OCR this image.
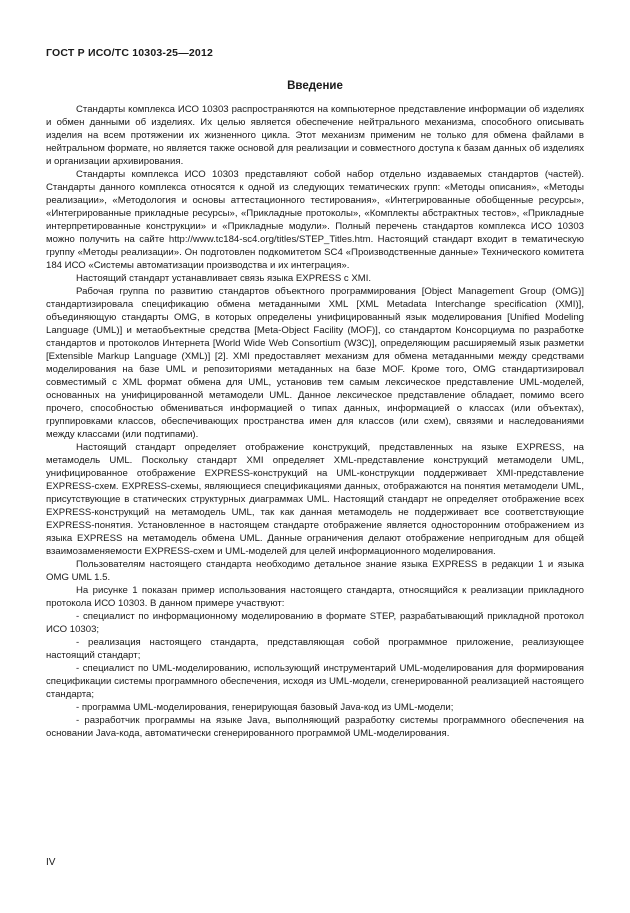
ГОСТ Р ИСО/ТС 10303-25—2012
Введение

Стандарты комплекса ИСО 10303 распространяются на компьютерное представление информации об изделиях и обмен данными об изделиях. Их целью является обеспечение нейтрального механизма, способного описывать изделия на всем протяжении их жизненного цикла. Этот механизм применим не только для обмена файлами в нейтральном формате, но является также основой для реализации и совместного доступа к базам данных об изделиях и организации архивирования.

Стандарты комплекса ИСО 10303 представляют собой набор отдельно издаваемых стандартов (частей). Стандарты данного комплекса относятся к одной из следующих тематических групп: «Методы описания», «Методы реализации», «Методология и основы аттестационного тестирования», «Интегрированные обобщенные ресурсы», «Интегрированные прикладные ресурсы», «Прикладные протоколы», «Комплекты абстрактных тестов», «Прикладные интерпретированные конструкции» и «Прикладные модули». Полный перечень стандартов комплекса ИСО 10303 можно получить на сайте http://www.tc184-sc4.org/titles/STEP_Titles.htm. Настоящий стандарт входит в тематическую группу «Методы реализации». Он подготовлен подкомитетом SC4 «Производственные данные» Технического комитета 184 ИСО «Системы автоматизации производства и их интеграция».

Настоящий стандарт устанавливает связь языка EXPRESS с XMI.

Рабочая группа по развитию стандартов объектного программирования [Object Management Group (OMG)] стандартизировала спецификацию обмена метаданными XML [XML Metadata Interchange specification (XMI)], объединяющую стандарты OMG, в которых определены унифицированный язык моделирования [Unified Modeling Language (UML)] и метаобъектные средства [Meta-Object Facility (MOF)], со стандартом Консорциума по разработке стандартов и протоколов Интернета [World Wide Web Consortium (W3C)], определяющим расширяемый язык разметки [Extensible Markup Language (XML)] [2]. XMI предоставляет механизм для обмена метаданными между средствами моделирования на базе UML и репозиториями метаданных на базе MOF. Кроме того, OMG стандартизировал совместимый с XML формат обмена для UML, установив тем самым лексическое представление UML-моделей, основанных на унифицированной метамодели UML. Данное лексическое представление обладает, помимо всего прочего, способностью обмениваться информацией о типах данных, информацией о классах (или объектах), группировками классов, обеспечивающих пространства имен для классов (или схем), связями и наследованиями между классами (или подтипами).

Настоящий стандарт определяет отображение конструкций, представленных на языке EXPRESS, на метамодель UML. Поскольку стандарт XMI определяет XML-представление конструкций метамодели UML, унифицированное отображение EXPRESS-конструкций на UML-конструкции поддерживает XMI-представление EXPRESS-схем. EXPRESS-схемы, являющиеся спецификациями данных, отображаются на понятия метамодели UML, присутствующие в статических структурных диаграммах UML. Настоящий стандарт не определяет отображение всех EXPRESS-конструкций на метамодель UML, так как данная метамодель не поддерживает все соответствующие EXPRESS-понятия. Установленное в настоящем стандарте отображение является односторонним отображением из языка EXPRESS на метамодель обмена UML. Данные ограничения делают отображение непригодным для общей взаимозаменяемости EXPRESS-схем и UML-моделей для целей информационного моделирования.

Пользователям настоящего стандарта необходимо детальное знание языка EXPRESS в редакции 1 и языка OMG UML 1.5.

На рисунке 1 показан пример использования настоящего стандарта, относящийся к реализации прикладного протокола ИСО 10303. В данном примере участвуют:

- специалист по информационному моделированию в формате STEP, разрабатывающий прикладной протокол ИСО 10303;

- реализация настоящего стандарта, представляющая собой программное приложение, реализующее настоящий стандарт;

- специалист по UML-моделированию, использующий инструментарий UML-моделирования для формирования спецификации системы программного обеспечения, исходя из UML-модели, сгенерированной реализацией настоящего стандарта;

- программа UML-моделирования, генерирующая базовый Java-код из UML-модели;

- разработчик программы на языке Java, выполняющий разработку системы программного обеспечения на основании Java-кода, автоматически сгенерированного программой UML-моделирования.

IV
